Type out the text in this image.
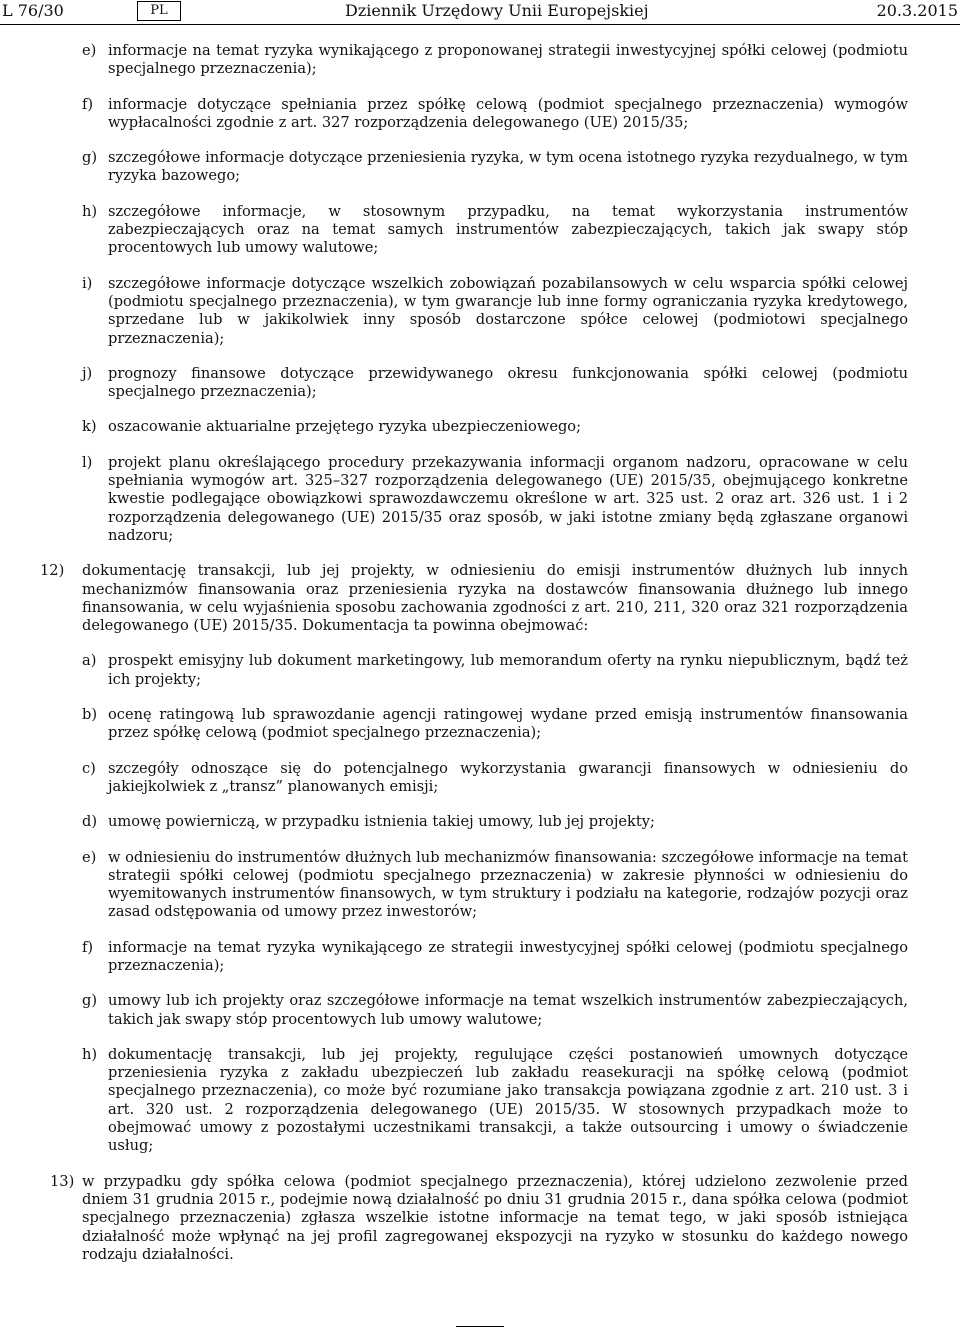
L 76/30	PL	Dziennik Urzędowy Unii Europejskiej	20.3.2015
e) informacje na temat ryzyka wynikającego z proponowanej strategii inwestycyjnej spółki celowej (podmiotu specjalnego przeznaczenia);
f) informacje dotyczące spełniania przez spółkę celową (podmiot specjalnego przeznaczenia) wymogów wypłacalności zgodnie z art. 327 rozporządzenia delegowanego (UE) 2015/35;
g) szczegółowe informacje dotyczące przeniesienia ryzyka, w tym ocena istotnego ryzyka rezydualnego, w tym ryzyka bazowego;
h) szczegółowe informacje, w stosownym przypadku, na temat wykorzystania instrumentów zabezpieczających oraz na temat samych instrumentów zabezpieczających, takich jak swapy stóp procentowych lub umowy walutowe;
i) szczegółowe informacje dotyczące wszelkich zobowiązań pozabilansowych w celu wsparcia spółki celowej (podmiotu specjalnego przeznaczenia), w tym gwarancje lub inne formy ograniczania ryzyka kredytowego, sprzedane lub w jakikolwiek inny sposób dostarczone spółce celowej (podmiotowi specjalnego przeznaczenia);
j) prognozy finansowe dotyczące przewidywanego okresu funkcjonowania spółki celowej (podmiotu specjalnego przeznaczenia);
k) oszacowanie aktuarialne przejętego ryzyka ubezpieczeniowego;
l) projekt planu określającego procedury przekazywania informacji organom nadzoru, opracowane w celu spełniania wymogów art. 325–327 rozporządzenia delegowanego (UE) 2015/35, obejmującego konkretne kwestie podlegające obowiązkowi sprawozdawczemu określone w art. 325 ust. 2 oraz art. 326 ust. 1 i 2 rozporządzenia delegowanego (UE) 2015/35 oraz sposób, w jaki istotne zmiany będą zgłaszane organowi nadzoru;
12) dokumentację transakcji, lub jej projekty, w odniesieniu do emisji instrumentów dłużnych lub innych mechanizmów finansowania oraz przeniesienia ryzyka na dostawców finansowania dłużnego lub innego finansowania, w celu wyjaśnienia sposobu zachowania zgodności z art. 210, 211, 320 oraz 321 rozporządzenia delegowanego (UE) 2015/35. Dokumentacja ta powinna obejmować:
a) prospekt emisyjny lub dokument marketingowy, lub memorandum oferty na rynku niepublicznym, bądź też ich projekty;
b) ocenę ratingową lub sprawozdanie agencji ratingowej wydane przed emisją instrumentów finansowania przez spółkę celową (podmiot specjalnego przeznaczenia);
c) szczegóły odnoszące się do potencjalnego wykorzystania gwarancji finansowych w odniesieniu do jakiejkolwiek z „transz” planowanych emisji;
d) umowę powierniczą, w przypadku istnienia takiej umowy, lub jej projekty;
e) w odniesieniu do instrumentów dłużnych lub mechanizmów finansowania: szczegółowe informacje na temat strategii spółki celowej (podmiotu specjalnego przeznaczenia) w zakresie płynności w odniesieniu do wyemitowanych instrumentów finansowych, w tym struktury i podziału na kategorie, rodzajów pozycji oraz zasad odstępowania od umowy przez inwestorów;
f) informacje na temat ryzyka wynikającego ze strategii inwestycyjnej spółki celowej (podmiotu specjalnego przeznaczenia);
g) umowy lub ich projekty oraz szczegółowe informacje na temat wszelkich instrumentów zabezpieczających, takich jak swapy stóp procentowych lub umowy walutowe;
h) dokumentację transakcji, lub jej projekty, regulujące części postanowień umownych dotyczące przeniesienia ryzyka z zakładu ubezpieczeń lub zakładu reasekuracji na spółkę celową (podmiot specjalnego przeznaczenia), co może być rozumiane jako transakcja powiązana zgodnie z art. 210 ust. 3 i art. 320 ust. 2 rozporządzenia delegowanego (UE) 2015/35. W stosownych przypadkach może to obejmować umowy z pozostałymi uczestnikami transakcji, a także outsourcing i umowy o świadczenie usług;
13) w przypadku gdy spółka celowa (podmiot specjalnego przeznaczenia), której udzielono zezwolenie przed dniem 31 grudnia 2015 r., podejmie nową działalność po dniu 31 grudnia 2015 r., dana spółka celowa (podmiot specjalnego przeznaczenia) zgłasza wszelkie istotne informacje na temat tego, w jaki sposób istniejąca działalność może wpłynąć na jej profil zagregowanej ekspozycji na ryzyko w stosunku do każdego nowego rodzaju działalności.
